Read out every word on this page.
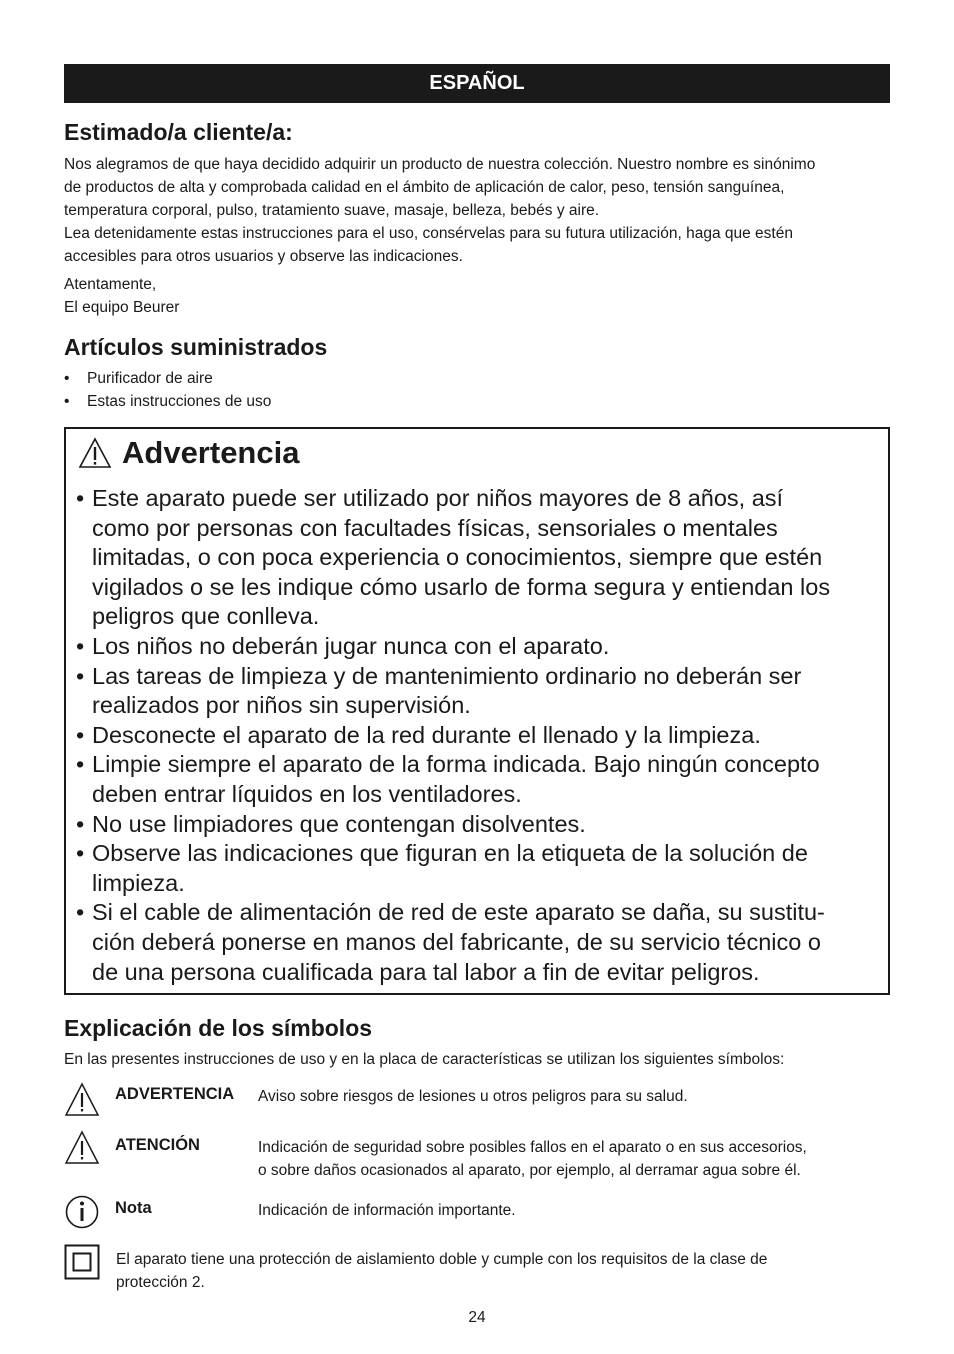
ESPAÑOL
Estimado/a cliente/a:
Nos alegramos de que haya decidido adquirir un producto de nuestra colección. Nuestro nombre es sinónimo
de productos de alta y comprobada calidad en el ámbito de aplicación de calor, peso, tensión sanguínea,
temperatura corporal, pulso, tratamiento suave, masaje, belleza, bebés y aire.
Lea detenidamente estas instrucciones para el uso, consérvelas para su futura utilización, haga que estén
accesibles para otros usuarios y observe las indicaciones.
Atentamente,
El equipo Beurer
Artículos suministrados
• Purificador de aire
• Estas instrucciones de uso
Advertencia
• Este aparato puede ser utilizado por niños mayores de 8 años, así
como por personas con facultades físicas, sensoriales o mentales
limitadas, o con poca experiencia o conocimientos, siempre que estén
vigilados o se les indique cómo usarlo de forma segura y entiendan los
peligros que conlleva.
• Los niños no deberán jugar nunca con el aparato.
• Las tareas de limpieza y de mantenimiento ordinario no deberán ser
realizados por niños sin supervisión.
• Desconecte el aparato de la red durante el llenado y la limpieza.
• Limpie siempre el aparato de la forma indicada. Bajo ningún concepto
deben entrar líquidos en los ventiladores.
• No use limpiadores que contengan disolventes.
• Observe las indicaciones que figuran en la etiqueta de la solución de
limpieza.
• Si el cable de alimentación de red de este aparato se daña, su sustitu-
ción deberá ponerse en manos del fabricante, de su servicio técnico o
de una persona cualificada para tal labor a fin de evitar peligros.
Explicación de los símbolos
En las presentes instrucciones de uso y en la placa de características se utilizan los siguientes símbolos:
ADVERTENCIA Aviso sobre riesgos de lesiones u otros peligros para su salud.
ATENCIÓN	Indicación de seguridad sobre posibles fallos en el aparato o en sus accesorios,
o sobre daños ocasionados al aparato, por ejemplo, al derramar agua sobre él.
Nota	Indicación de información importante.
El aparato tiene una protección de aislamiento doble y cumple con los requisitos de la clase de
protección 2.
24
